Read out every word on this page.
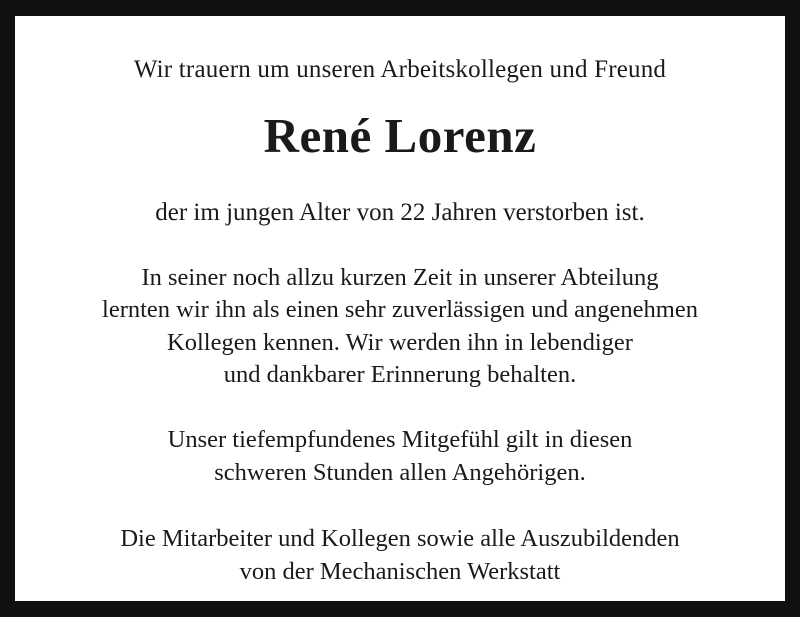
Wir trauern um unseren Arbeitskollegen und Freund
René Lorenz
der im jungen Alter von 22 Jahren verstorben ist.
In seiner noch allzu kurzen Zeit in unserer Abteilung
lernten wir ihn als einen sehr zuverlässigen und angenehmen
Kollegen kennen. Wir werden ihn in lebendiger
und dankbarer Erinnerung behalten.
Unser tiefempfundenes Mitgefühl gilt in diesen
schweren Stunden allen Angehörigen.
Die Mitarbeiter und Kollegen sowie alle Auszubildenden
von der Mechanischen Werkstatt
